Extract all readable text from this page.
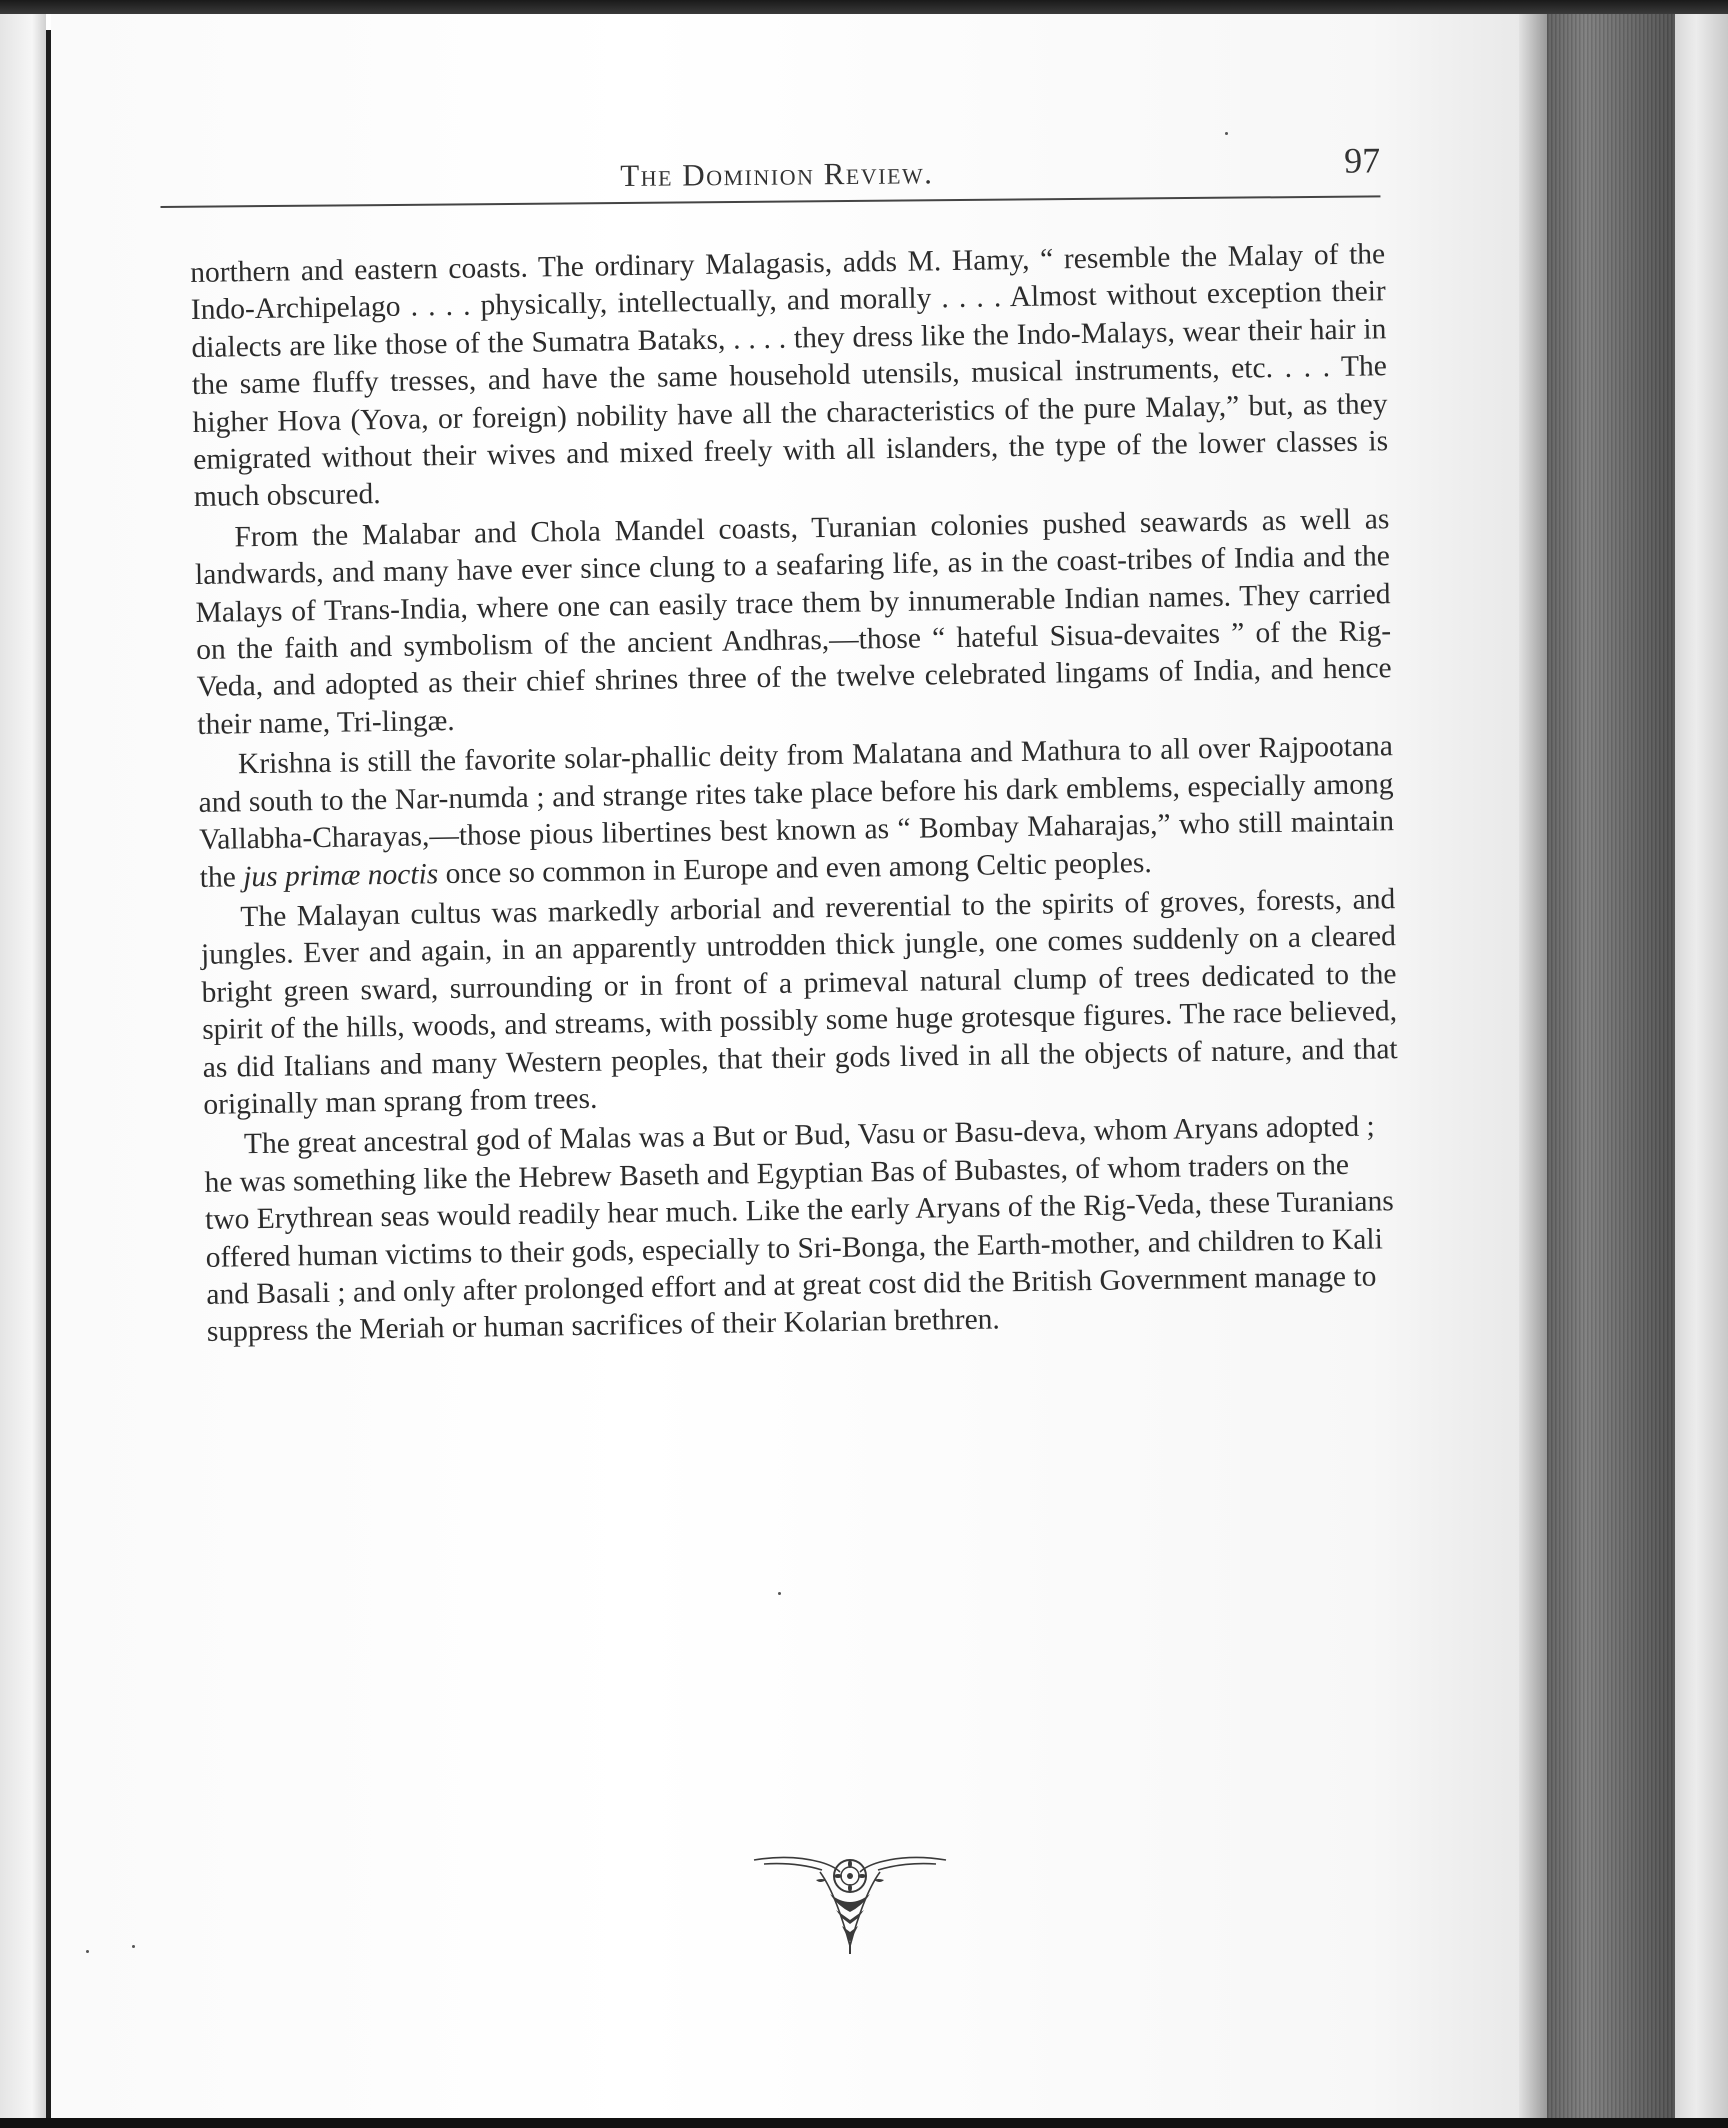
The Dominion Review.	97

northern and eastern coasts. The ordinary Malagasis, adds M. Hamy, “ resemble the Malay of the Indo-Archipelago . . . . physically, intellectually, and morally . . . . Almost without exception their dialects are like those of the Sumatra Bataks, . . . . they dress like the Indo-Malays, wear their hair in the same fluffy tresses, and have the same household utensils, musical instruments, etc. . . . The higher Hova (Yova, or foreign) nobility have all the characteristics of the pure Malay,” but, as they emigrated without their wives and mixed freely with all islanders, the type of the lower classes is much obscured.

From the Malabar and Chola Mandel coasts, Turanian colonies pushed seawards as well as landwards, and many have ever since clung to a seafaring life, as in the coast-tribes of India and the Malays of Trans-India, where one can easily trace them by innumerable Indian names. They carried on the faith and symbolism of the ancient Andhras,—those “ hateful Sisua-devaites ” of the Rig-Veda, and adopted as their chief shrines three of the twelve celebrated lingams of India, and hence their name, Tri-lingæ.

Krishna is still the favorite solar-phallic deity from Malatana and Mathura to all over Rajpootana and south to the Nar-numda ; and strange rites take place before his dark emblems, especially among Vallabha-Charayas,—those pious libertines best known as “ Bombay Maharajas,” who still maintain the jus primæ noctis once so common in Europe and even among Celtic peoples.

The Malayan cultus was markedly arborial and reverential to the spirits of groves, forests, and jungles. Ever and again, in an apparently untrodden thick jungle, one comes suddenly on a cleared bright green sward, surrounding or in front of a primeval natural clump of trees dedicated to the spirit of the hills, woods, and streams, with possibly some huge grotesque figures. The race believed, as did Italians and many Western peoples, that their gods lived in all the objects of nature, and that originally man sprang from trees.

The great ancestral god of Malas was a But or Bud, Vasu or Basu-deva, whom Aryans adopted ; he was something like the Hebrew Baseth and Egyptian Bas of Bubastes, of whom traders on the two Erythrean seas would readily hear much. Like the early Aryans of the Rig-Veda, these Turanians offered human victims to their gods, especially to Sri-Bonga, the Earth-mother, and children to Kali and Basali ; and only after prolonged effort and at great cost did the British Government manage to suppress the Meriah or human sacrifices of their Kolarian brethren.
